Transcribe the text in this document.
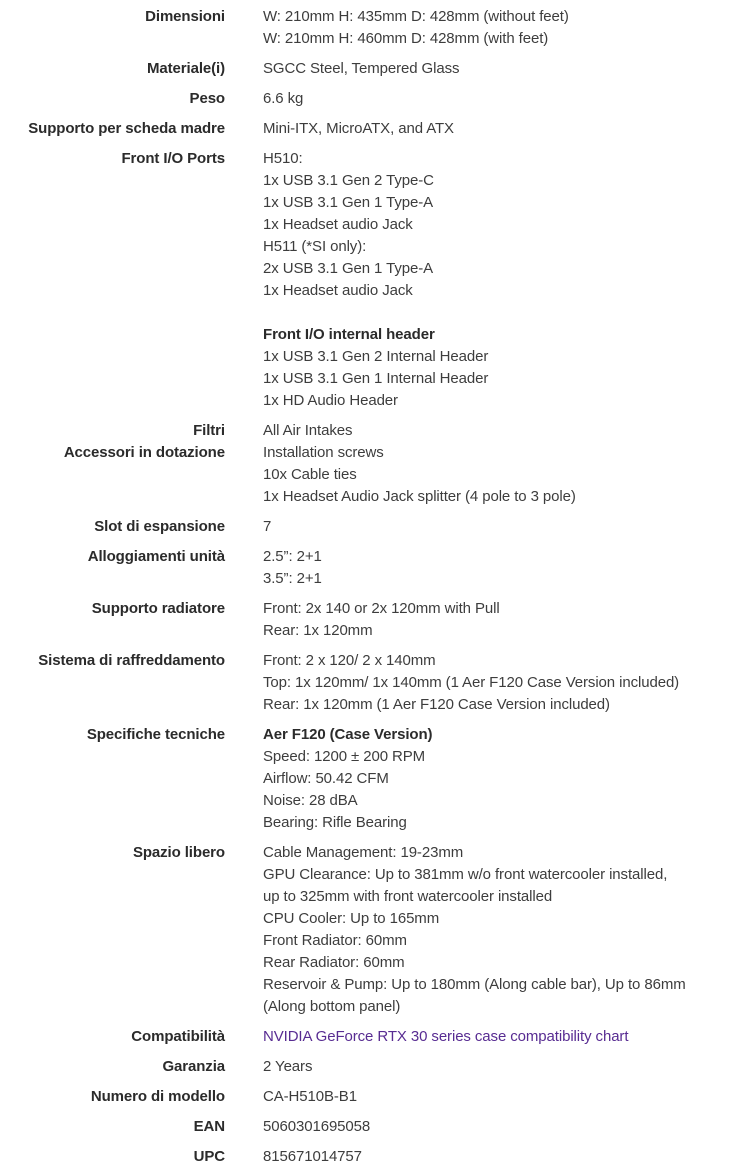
Dimensioni	W: 210mm H: 435mm D: 428mm (without feet)
W: 210mm H: 460mm D: 428mm (with feet)
Materiale(i)	SGCC Steel, Tempered Glass
Peso	6.6 kg
Supporto per scheda madre	Mini-ITX, MicroATX, and ATX
Front I/O Ports	H510:
1x USB 3.1 Gen 2 Type-C
1x USB 3.1 Gen 1 Type-A
1x Headset audio Jack
H511 (*SI only):
2x USB 3.1 Gen 1 Type-A
1x Headset audio Jack

Front I/O internal header
1x USB 3.1 Gen 2 Internal Header
1x USB 3.1 Gen 1 Internal Header
1x HD Audio Header
Filtri	All Air Intakes
Accessori in dotazione	Installation screws
10x Cable ties
1x Headset Audio Jack splitter (4 pole to 3 pole)
Slot di espansione	7
Alloggiamenti unità	2.5”: 2+1
3.5”: 2+1
Supporto radiatore	Front: 2x 140 or 2x 120mm with Pull
Rear: 1x 120mm
Sistema di raffreddamento	Front: 2 x 120/ 2 x 140mm
Top: 1x 120mm/ 1x 140mm (1 Aer F120 Case Version included)
Rear: 1x 120mm (1 Aer F120 Case Version included)
Specifiche tecniche	Aer F120 (Case Version)
Speed: 1200 ± 200 RPM
Airflow: 50.42 CFM
Noise: 28 dBA
Bearing: Rifle Bearing
Spazio libero	Cable Management: 19-23mm
GPU Clearance: Up to 381mm w/o front watercooler installed,
up to 325mm with front watercooler installed
CPU Cooler: Up to 165mm
Front Radiator: 60mm
Rear Radiator: 60mm
Reservoir & Pump: Up to 180mm (Along cable bar), Up to 86mm
(Along bottom panel)
Compatibilità	NVIDIA GeForce RTX 30 series case compatibility chart
Garanzia	2 Years
Numero di modello	CA-H510B-B1
EAN	5060301695058
UPC	815671014757
